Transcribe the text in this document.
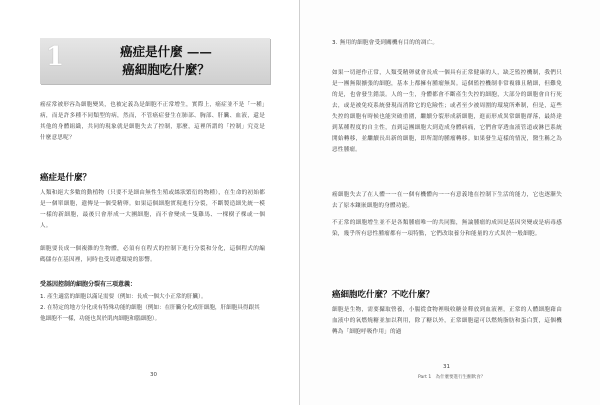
1	癌症是什麼 ——
癌細胞吃什麼？
癌症常被形容為細胞變異，也被定義為是細胞不正常增生，實際上，癌症並不是「一種」病，而是許多種不同類型的病，然而，不管癌症發生在肺部、胸部、肝臟、血液，還是其他的身體組織，共同的現象就是細胞失去了控制，那麼，這裡所謂的「控制」究竟是什麼意思呢？
癌症是什麼？
人類和絕大多數的動植物（只要不是細由無性生殖或絲狀繁衍的物種），在生命的初始都是一個單細胞，遺傳是一個受精卵。如果這個細胞實現進行分裂，不斷製造細先統一模一樣的新細胞，最後只會形成一大團細胞，而不會變成一隻雞馬、一棵樹子棵或一個人。
細胞要長成一個複雜的生物體，必須有在程式的控制下進行分裂和分化，這個程式的編碼儲存在基因裡，同時也受周遭環境的影響。
受基因控制的細胞分裂有三項意義：
1. 產生適當的細胞以滿足需要（例如：長成一個大小正常的肝臟）。
2. 在特定的地方分化成有特殊功能的細胞（例如：在肝臟分化成肝細胞，肝細胞具得跟其他細胞不一樣，功能也異於肌肉細胞和腦細胞）。
30
3. 無用的細胞會受到關機有目的的凋亡。
如果一切運作正常，人類受精卵就會長成一個具有正常健康的人，缺乏監控機制，我們只是一團無限擴張的細胞，基本上都擁有腫瘤無異。這個監控機制非常複雜且精細，但難免的是，也會發生錯誤。人的一生，身體都會不斷產生失控的細胞，大部分的細胞會自行死去，或是被免疫系統發現而消除它的危險性；或者至少被周圍的環境所牽制，但是，這些失控的細胞有時候也能突破重圍，繼續分裂形成新細胞，進而形成異常細胞群落，最終達到某種程度的自主性，直到這團細胞大到造成身體病痛，它們會穿透血液管道或淋巴系統開始轉移，並繼續長出新的細胞，即所謂的腫瘤轉移。如果發生這樣的情況，醫生稱之為惡性腫瘤。
癌細胞失去了在人體一一在一個有機體內一一有意義地在控制下生活的能力，它也逐漸失去了原本鑲嵌細胞的身體功能。
不正常的細胞增生並不是各類腫瘤唯一的共同點，無論腫瘤的成因是基因突變或是病毒感染，幾乎所有惡性腫瘤都有一項特點，它們改取養分和能量的方式異於一般細胞。
癌細胞吃什麼？不吃什麼？
細胞是生物，需要攝取營養，小腸從食物裡吸收糖並釋放到血液裡，正常的人體細胞藉由血液中的氧燃燒糖並加以利用，除了糖以外，正常細胞還可以燃燒脂肪和蛋白質，這個機轉為「細胞呼吸作用」的過
31
Part 1　為什麼要進行生酮飲食？
